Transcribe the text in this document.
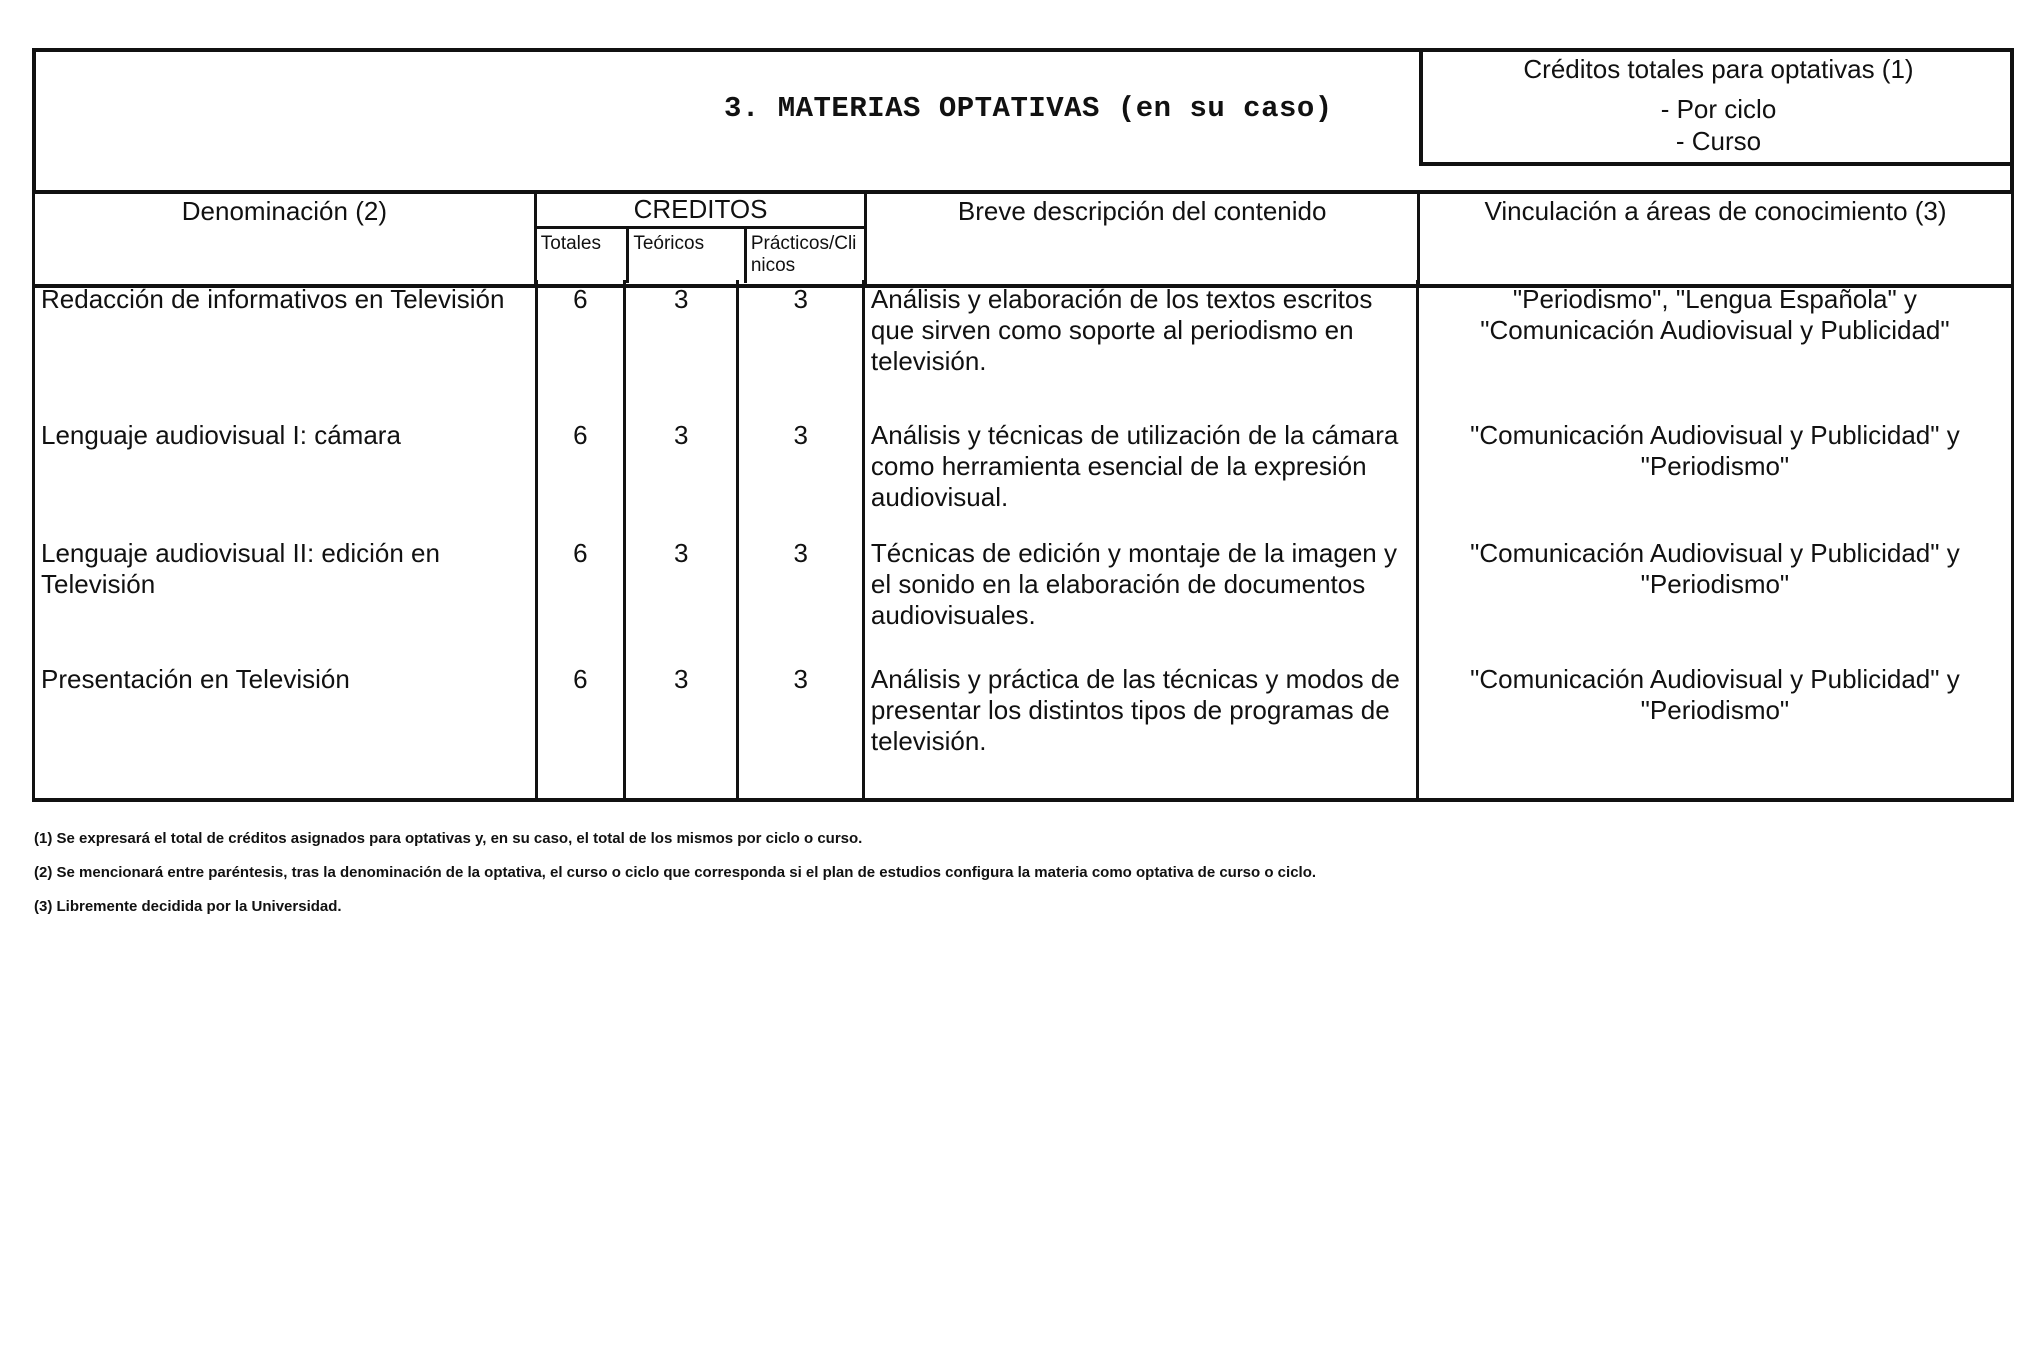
3. MATERIAS OPTATIVAS (en su caso)
Créditos totales para optativas (1)
- Por ciclo
- Curso
Denominación (2)	CREDITOS
Totales	Teóricos	Prácticos/Clinicos

Breve descripción del contenido	Vinculación a áreas de conocimiento (3)
Redacción de informativos en Televisión	6	3	3	Análisis y elaboración de los textos escritos que sirven como soporte al periodismo en televisión.	"Periodismo", "Lengua Española" y "Comunicación Audiovisual y Publicidad"
Lenguaje audiovisual I: cámara	6	3	3	Análisis y técnicas de utilización de la cámara como herramienta esencial de la expresión audiovisual.	"Comunicación Audiovisual y Publicidad" y "Periodismo"
Lenguaje audiovisual II: edición en Televisión	6	3	3	Técnicas de edición y montaje de la imagen y el sonido en la elaboración de documentos audiovisuales.	"Comunicación Audiovisual y Publicidad" y "Periodismo"
Presentación en Televisión	6	3	3	Análisis y práctica de las técnicas y modos de presentar los distintos tipos de programas de televisión.	"Comunicación Audiovisual y Publicidad" y "Periodismo"
(1) Se expresará el total de créditos asignados para optativas y, en su caso, el total de los mismos por ciclo o curso.
(2) Se mencionará entre paréntesis, tras la denominación de la optativa, el curso o ciclo que corresponda si el plan de estudios configura la materia como optativa de curso o ciclo.
(3) Libremente decidida por la Universidad.
